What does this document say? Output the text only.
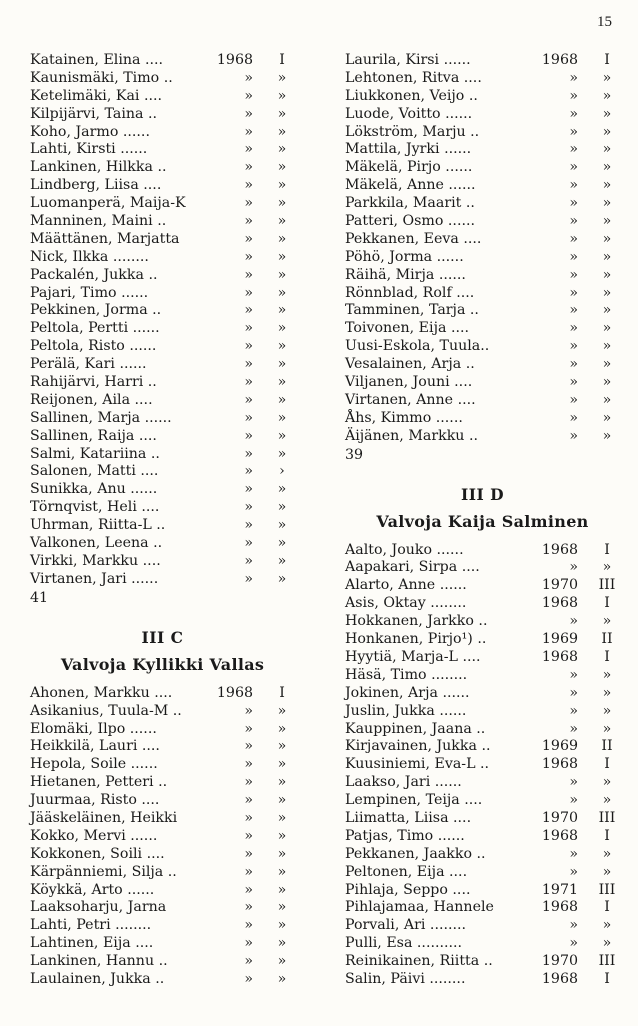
15
Katainen, Elina ....	1968	I
Kaunismäki, Timo ..	»	»
Ketelimäki, Kai ....	»	»
Kilpijärvi, Taina ..	»	»
Koho, Jarmo ......	»	»
Lahti, Kirsti ......	»	»
Lankinen, Hilkka ..	»	»
Lindberg, Liisa ....	»	»
Luomanperä, Maija-K	»	»
Manninen, Maini ..	»	»
Määttänen, Marjatta	»	»
Nick, Ilkka ........	»	»
Packalén, Jukka ..	»	»
Pajari, Timo ......	»	»
Pekkinen, Jorma ..	»	»
Peltola, Pertti ......	»	»
Peltola, Risto ......	»	»
Perälä, Kari ......	»	»
Rahijärvi, Harri ..	»	»
Reijonen, Aila ....	»	»
Sallinen, Marja ......	»	»
Sallinen, Raija ....	»	»
Salmi, Katariina ..	»	»
Salonen, Matti ....	»	›
Sunikka, Anu ......	»	»
Törnqvist, Heli ....	»	»
Uhrman, Riitta-L ..	»	»
Valkonen, Leena ..	»	»
Virkki, Markku ....	»	»
Virtanen, Jari ......	»	»
41
III C
Valvoja Kyllikki Vallas
Ahonen, Markku ....	1968	I
Asikanius, Tuula-M ..	»	»
Elomäki, Ilpo ......	»	»
Heikkilä, Lauri ....	»	»
Hepola, Soile ......	»	»
Hietanen, Petteri ..	»	»
Juurmaa, Risto ....	»	»
Jääskeläinen, Heikki	»	»
Kokko, Mervi ......	»	»
Kokkonen, Soili ....	»	»
Kärpänniemi, Silja ..	»	»
Köykkä, Arto ......	»	»
Laaksoharju, Jarna	»	»
Lahti, Petri ........	»	»
Lahtinen, Eija ....	»	»
Lankinen, Hannu ..	»	»
Laulainen, Jukka ..	»	»
Laurila, Kirsi ......	1968	I
Lehtonen, Ritva ....	»	»
Liukkonen, Veijo ..	»	»
Luode, Voitto ......	»	»
Lökström, Marju ..	»	»
Mattila, Jyrki ......	»	»
Mäkelä, Pirjo ......	»	»
Mäkelä, Anne ......	»	»
Parkkila, Maarit ..	»	»
Patteri, Osmo ......	»	»
Pekkanen, Eeva ....	»	»
Pöhö, Jorma ......	»	»
Räihä, Mirja ......	»	»
Rönnblad, Rolf ....	»	»
Tamminen, Tarja ..	»	»
Toivonen, Eija ....	»	»
Uusi-Eskola, Tuula..	»	»
Vesalainen, Arja ..	»	»
Viljanen, Jouni ....	»	»
Virtanen, Anne ....	»	»
Åhs, Kimmo ......	»	»
Äijänen, Markku ..	»	»
39
III D
Valvoja Kaija Salminen
Aalto, Jouko ......	1968	I
Aapakari, Sirpa ....	»	»
Alarto, Anne ......	1970	III
Asis, Oktay ........	1968	I
Hokkanen, Jarkko ..	»	»
Honkanen, Pirjo¹) ..	1969	II
Hyytiä, Marja-L ....	1968	I
Häsä, Timo ........	»	»
Jokinen, Arja ......	»	»
Juslin, Jukka ......	»	»
Kauppinen, Jaana ..	»	»
Kirjavainen, Jukka ..	1969	II
Kuusiniemi, Eva-L ..	1968	I
Laakso, Jari ......	»	»
Lempinen, Teija ....	»	»
Liimatta, Liisa ....	1970	III
Patjas, Timo ......	1968	I
Pekkanen, Jaakko ..	»	»
Peltonen, Eija ....	»	»
Pihlaja, Seppo ....	1971	III
Pihlajamaa, Hannele	1968	I
Porvali, Ari ........	»	»
Pulli, Esa ..........	»	»
Reinikainen, Riitta ..	1970	III
Salin, Päivi ........	1968	I
